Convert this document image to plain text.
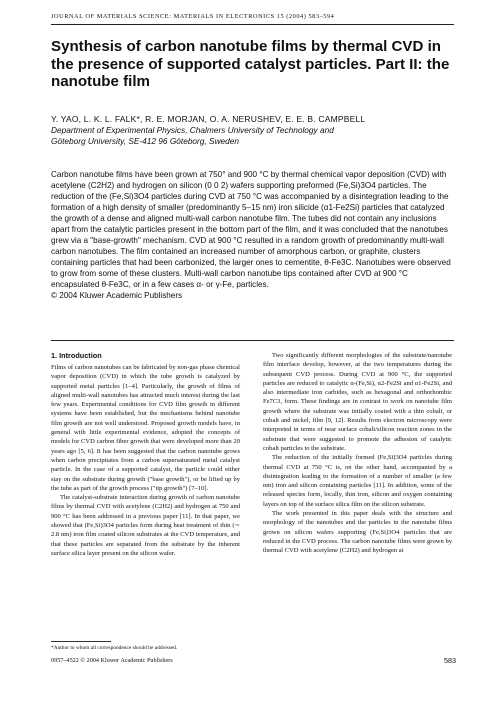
JOURNAL OF MATERIALS SCIENCE: MATERIALS IN ELECTRONICS 15 (2004) 583–594
Synthesis of carbon nanotube films by thermal CVD in the presence of supported catalyst particles. Part II: the nanotube film
Y. YAO, L. K. L. FALK*, R. E. MORJAN, O. A. NERUSHEV, E. E. B. CAMPBELL
Department of Experimental Physics, Chalmers University of Technology and
Göteborg University, SE-412 96 Göteborg, Sweden
Carbon nanotube films have been grown at 750° and 900 °C by thermal chemical vapor deposition (CVD) with acetylene (C2H2) and hydrogen on silicon (0 0 2) wafers supporting preformed (Fe,Si)3O4 particles. The reduction of the (Fe,Si)3O4 particles during CVD at 750 °C was accompanied by a disintegration leading to the formation of a high density of smaller (predominantly 5–15 nm) iron silicide (α1-Fe2Si) particles that catalyzed the growth of a dense and aligned multi-wall carbon nanotube film. The tubes did not contain any inclusions apart from the catalytic particles present in the bottom part of the film, and it was concluded that the nanotubes grew via a "base-growth" mechanism. CVD at 900 °C resulted in a random growth of predominantly multi-wall carbon nanotubes. The film contained an increased number of amorphous carbon, or graphite, clusters containing particles that had been carbonized, the larger ones to cementite, θ-Fe3C. Nanotubes were observed to grow from some of these clusters. Multi-wall carbon nanotube tips contained after CVD at 900 °C encapsulated θ-Fe3C, or in a few cases α- or γ-Fe, particles.
© 2004 Kluwer Academic Publishers
1. Introduction

Films of carbon nanotubes can be fabricated by non-gas phase chemical vapor deposition (CVD) in which the tube growth is catalyzed by supported metal particles [1–4]. Particularly, the growth of films of aligned multi-wall nanotubes has attracted much interest during the last few years. Experimental conditions for CVD film growth in different systems have been established, but the mechanisms behind nanotube film growth are not well understood. Proposed growth models have, in general with little experimental evidence, adopted the concepts of models for CVD carbon fiber growth that were developed more than 20 years ago [5, 6]. It has been suggested that the carbon nanotube grows when carbon precipitates from a carbon supersaturated metal catalyst particle. In the case of a supported catalyst, the particle could either stay on the substrate during growth ("base growth"), or be lifted up by the tube as part of the growth process ("tip growth") [7–10].

The catalyst-substrate interaction during growth of carbon nanotube films by thermal CVD with acetylene (C2H2) and hydrogen at 750 and 900 °C has been addressed in a previous paper [11]. In that paper, we showed that (Fe,Si)3O4 particles form during heat treatment of thin (∼ 2.8 nm) iron film coated silicon substrates at the CVD temperature, and that these particles are separated from the substrate by the inherent surface silica layer present on the silicon wafer.

Two significantly different morphologies of the substrate/nanotube film interface develop, however, at the two temperatures during the subsequent CVD process. During CVD at 900 °C, the supported particles are reduced to catalytic α-(Fe,Si), α2-Fe2Si and α1-Fe2Si, and also intermediate iron carbides, such as hexagonal and orthorhombic Fe7C3, form. These findings are in contrast to work on nanotube film growth where the substrate was initially coated with a thin cobalt, or cobalt and nickel, film [9, 12]. Results from electron microscopy were interpreted in terms of near surface cobalt/silicon reaction zones in the substrate that were suggested to promote the adhesion of catalytic cobalt particles to the substrate.

The reduction of the initially formed (Fe,Si)3O4 particles during thermal CVD at 750 °C is, on the other hand, accompanied by a disintegration leading to the formation of a number of smaller (a few nm) iron and silicon containing particles [11]. In addition, some of the released species form, locally, thin iron, silicon and oxygen containing layers on top of the surface silica film on the silicon substrate.

The work presented in this paper deals with the structure and morphology of the nanotubes and the particles in the nanotube films grown on silicon wafers supporting (Fe,Si)3O4 particles that are reduced in the CVD process. The carbon nanotube films were grown by thermal CVD with acetylene (C2H2) and hydrogen at

*Author to whom all correspondence should be addressed.
0957–4522 © 2004 Kluwer Academic Publishers	583
